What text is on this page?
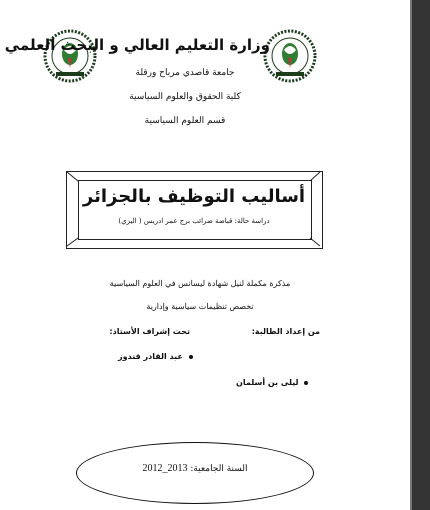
وزارة التعليم العالي و البحث العلمي
جامعة قاصدي مرباح ورقلة
كلية الحقوق والعلوم السياسية
قسم العلوم السياسية
أساليب التوظيف بالجزائر
دراسة حالة: قباضة ضرائب برج عمر ادريس ( اليزي)
مذكرة مكملة لنيل شهادة ليسانس في العلوم السياسية
تخصص تنظيمات سياسية وإدارية
من إعداد الطالبة:
تحت إشراف الأستاذ:
عبد القادر قندوز
ليلى بن أسلمان
السنة الجامعية: 2013_2012
